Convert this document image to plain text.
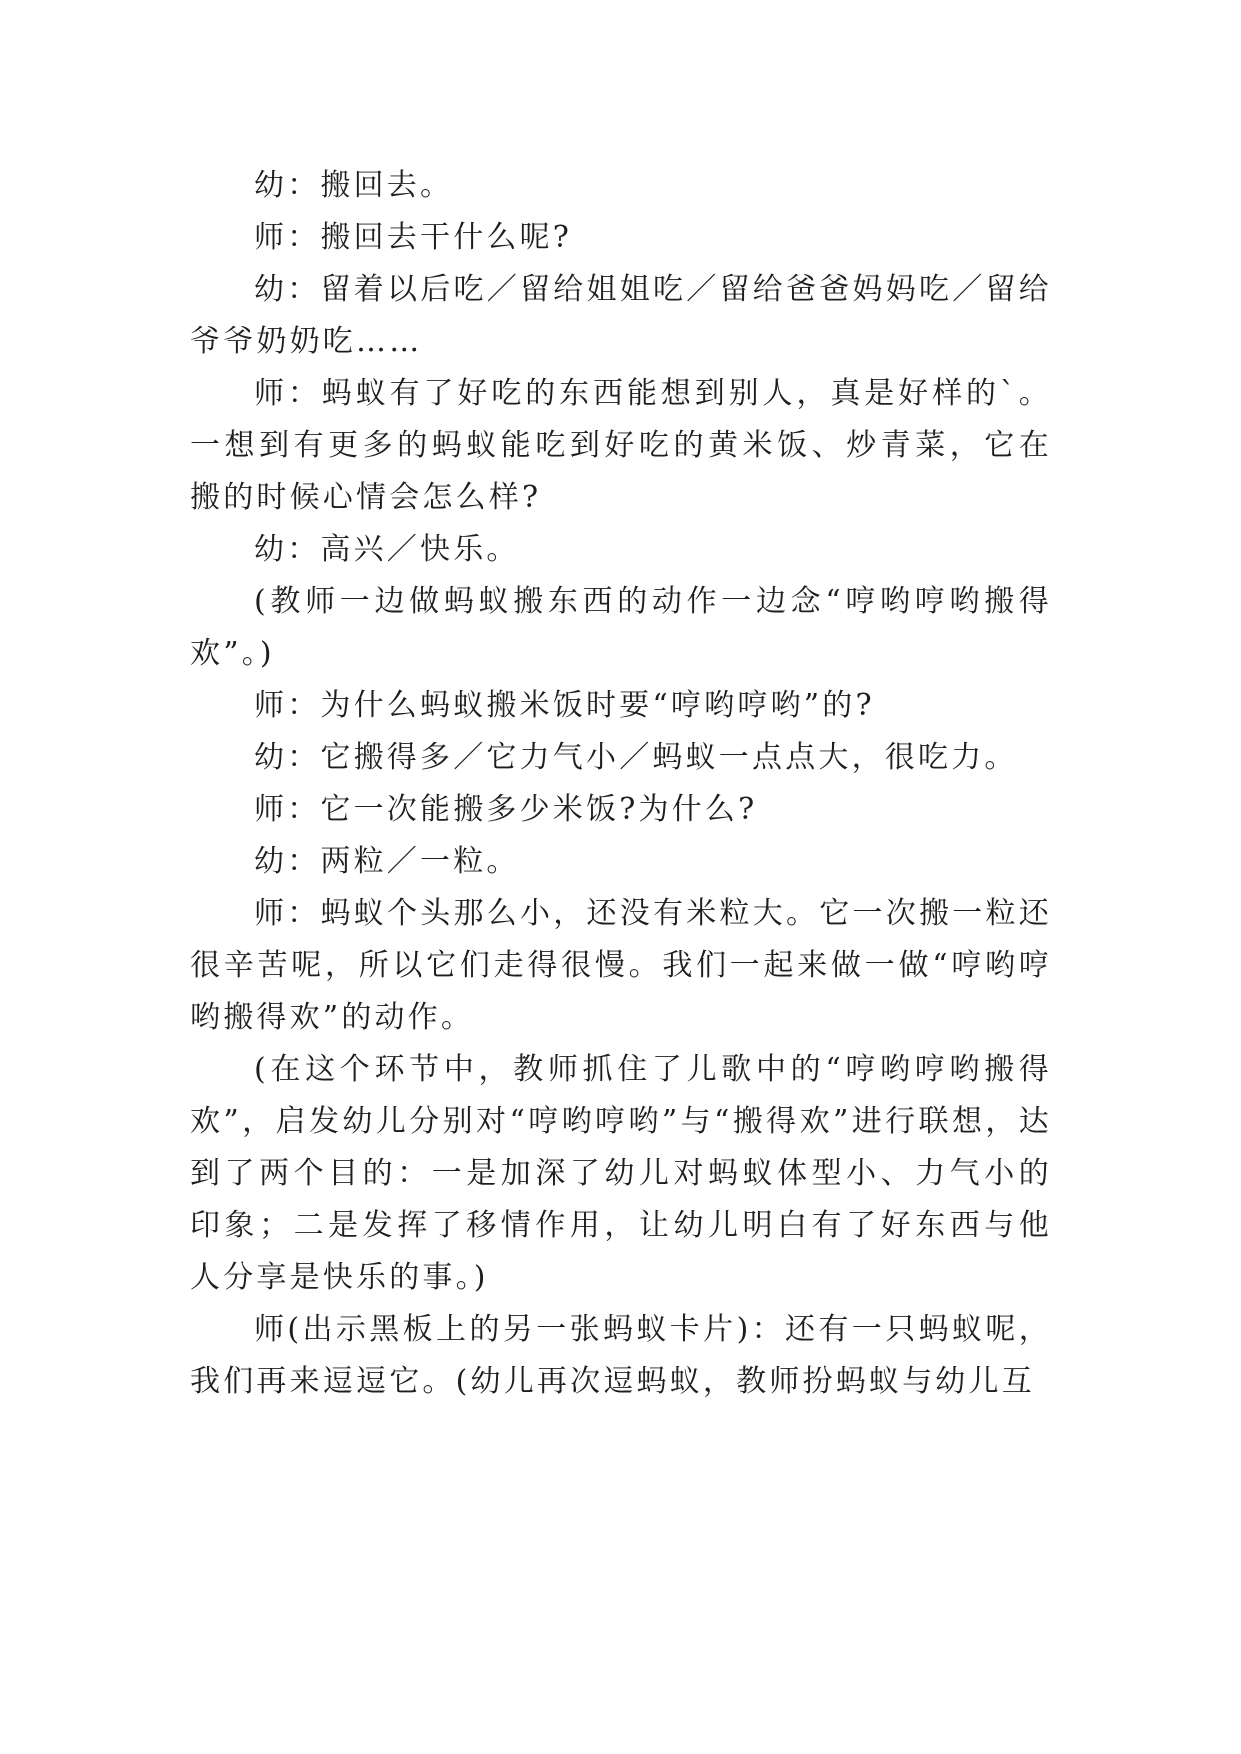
幼：搬回去。

师：搬回去干什么呢?

幼：留着以后吃／留给姐姐吃／留给爸爸妈妈吃／留给爷爷奶奶吃……

师：蚂蚁有了好吃的东西能想到别人，真是好样的`。一想到有更多的蚂蚁能吃到好吃的黄米饭、炒青菜，它在搬的时候心情会怎么样?

幼：高兴／快乐。

(教师一边做蚂蚁搬东西的动作一边念“哼哟哼哟搬得欢”。)

师：为什么蚂蚁搬米饭时要“哼哟哼哟”的?

幼：它搬得多／它力气小／蚂蚁一点点大，很吃力。

师：它一次能搬多少米饭?为什么?

幼：两粒／一粒。

师：蚂蚁个头那么小，还没有米粒大。它一次搬一粒还很辛苦呢，所以它们走得很慢。我们一起来做一做“哼哟哼哟搬得欢”的动作。

(在这个环节中，教师抓住了儿歌中的“哼哟哼哟搬得欢”，启发幼儿分别对“哼哟哼哟”与“搬得欢”进行联想，达到了两个目的：一是加深了幼儿对蚂蚁体型小、力气小的印象；二是发挥了移情作用，让幼儿明白有了好东西与他人分享是快乐的事。)

师(出示黑板上的另一张蚂蚁卡片)：还有一只蚂蚁呢，我们再来逗逗它。(幼儿再次逗蚂蚁，教师扮蚂蚁与幼儿互
